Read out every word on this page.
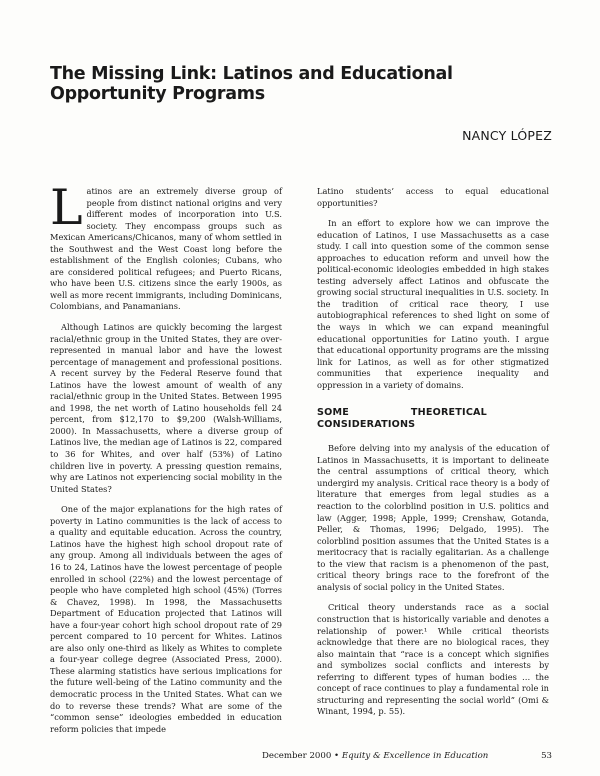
The Missing Link: Latinos and Educational Opportunity Programs
NANCY LÓPEZ

Latinos are an extremely diverse group of people from distinct national origins and very different modes of incorporation into U.S. society. They encompass groups such as Mexican Americans/Chicanos, many of whom settled in the Southwest and the West Coast long before the establishment of the English colonies; Cubans, who are considered political refugees; and Puerto Ricans, who have been U.S. citizens since the early 1900s, as well as more recent immigrants, including Dominicans, Colombians, and Panamanians.

Although Latinos are quickly becoming the largest racial/ethnic group in the United States, they are over-represented in manual labor and have the lowest percentage of management and professional positions. A recent survey by the Federal Reserve found that Latinos have the lowest amount of wealth of any racial/ethnic group in the United States. Between 1995 and 1998, the net worth of Latino households fell 24 percent, from $12,170 to $9,200 (Walsh-Williams, 2000). In Massachusetts, where a diverse group of Latinos live, the median age of Latinos is 22, compared to 36 for Whites, and over half (53%) of Latino children live in poverty. A pressing question remains, why are Latinos not experiencing social mobility in the United States?

One of the major explanations for the high rates of poverty in Latino communities is the lack of access to a quality and equitable education. Across the country, Latinos have the highest high school dropout rate of any group. Among all individuals between the ages of 16 to 24, Latinos have the lowest percentage of people enrolled in school (22%) and the lowest percentage of people who have completed high school (45%) (Torres & Chavez, 1998). In 1998, the Massachusetts Department of Education projected that Latinos will have a four-year cohort high school dropout rate of 29 percent compared to 10 percent for Whites. Latinos are also only one-third as likely as Whites to complete a four-year college degree (Associated Press, 2000). These alarming statistics have serious implications for the future well-being of the Latino community and the democratic process in the United States. What can we do to reverse these trends? What are some of the “common sense” ideologies embedded in education reform policies that impede

Latino students’ access to equal educational opportunities?

In an effort to explore how we can improve the education of Latinos, I use Massachusetts as a case study. I call into question some of the common sense approaches to education reform and unveil how the political-economic ideologies embedded in high stakes testing adversely affect Latinos and obfuscate the growing social structural inequalities in U.S. society. In the tradition of critical race theory, I use autobiographical references to shed light on some of the ways in which we can expand meaningful educational opportunities for Latino youth. I argue that educational opportunity programs are the missing link for Latinos, as well as for other stigmatized communities that experience inequality and oppression in a variety of domains.

SOME THEORETICAL CONSIDERATIONS

Before delving into my analysis of the education of Latinos in Massachusetts, it is important to delineate the central assumptions of critical theory, which undergird my analysis. Critical race theory is a body of literature that emerges from legal studies as a reaction to the colorblind position in U.S. politics and law (Agger, 1998; Apple, 1999; Crenshaw, Gotanda, Peller, & Thomas, 1996; Delgado, 1995). The colorblind position assumes that the United States is a meritocracy that is racially egalitarian. As a challenge to the view that racism is a phenomenon of the past, critical theory brings race to the forefront of the analysis of social policy in the United States.

Critical theory understands race as a social construction that is historically variable and denotes a relationship of power.¹ While critical theorists acknowledge that there are no biological races, they also maintain that “race is a concept which signifies and symbolizes social conflicts and interests by referring to different types of human bodies … the concept of race continues to play a fundamental role in structuring and representing the social world” (Omi & Winant, 1994, p. 55).

December 2000 • Equity & Excellence in Education	53
